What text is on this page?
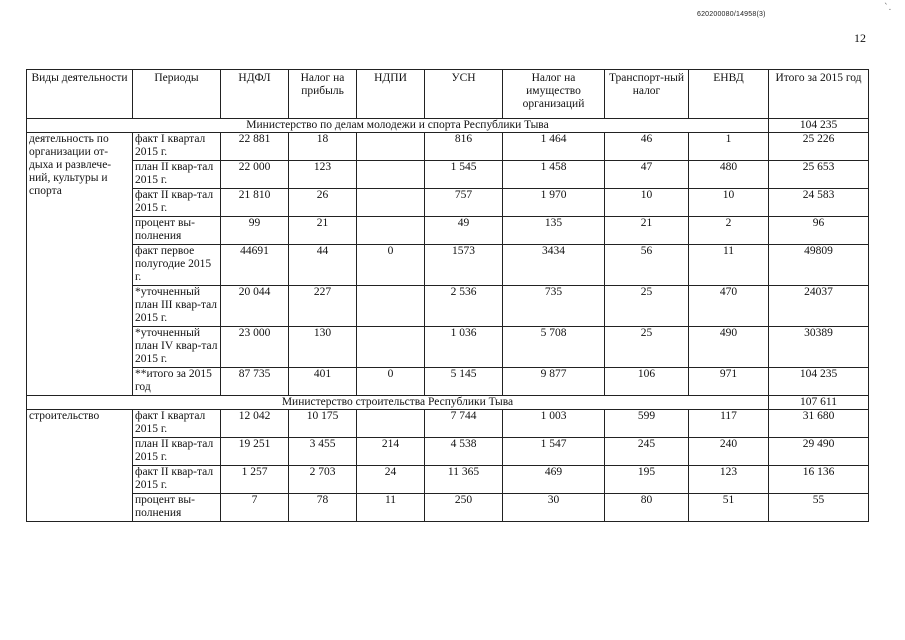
620200080/14958(3)
`.
12
Виды деятельности	Периоды	НДФЛ	Налог на прибыль	НДПИ	УСН	Налог на имущество организаций	Транспорт-ный налог	ЕНВД	Итого за 2015 год
Министерство по делам молодежи и спорта Республики Тыва									104 235
деятельность по организации от-дыха и развлече-ний, культуры и спорта	факт I квартал 2015 г.	22 881	18		816	1 464	46	1	25 226
	план II квар-тал 2015 г.	22 000	123		1 545	1 458	47	480	25 653
	факт II квар-тал 2015 г.	21 810	26		757	1 970	10	10	24 583
	процент вы-полнения	99	21		49	135	21	2	96
	факт первое полугодие 2015 г.	44691	44	0	1573	3434	56	11	49809
	*уточненный план III квар-тал 2015 г.	20 044	227		2 536	735	25	470	24037
	*уточненный план IV квар-тал 2015 г.	23 000	130		1 036	5 708	25	490	30389
	**итого за 2015 год	87 735	401	0	5 145	9 877	106	971	104 235
Министерство строительства Республики Тыва									107 611
строительство	факт I квартал 2015 г.	12 042	10 175		7 744	1 003	599	117	31 680
	план II квар-тал 2015 г.	19 251	3 455	214	4 538	1 547	245	240	29 490
	факт II квар-тал 2015 г.	1 257	2 703	24	11 365	469	195	123	16 136
	процент вы-полнения	7	78	11	250	30	80	51	55
